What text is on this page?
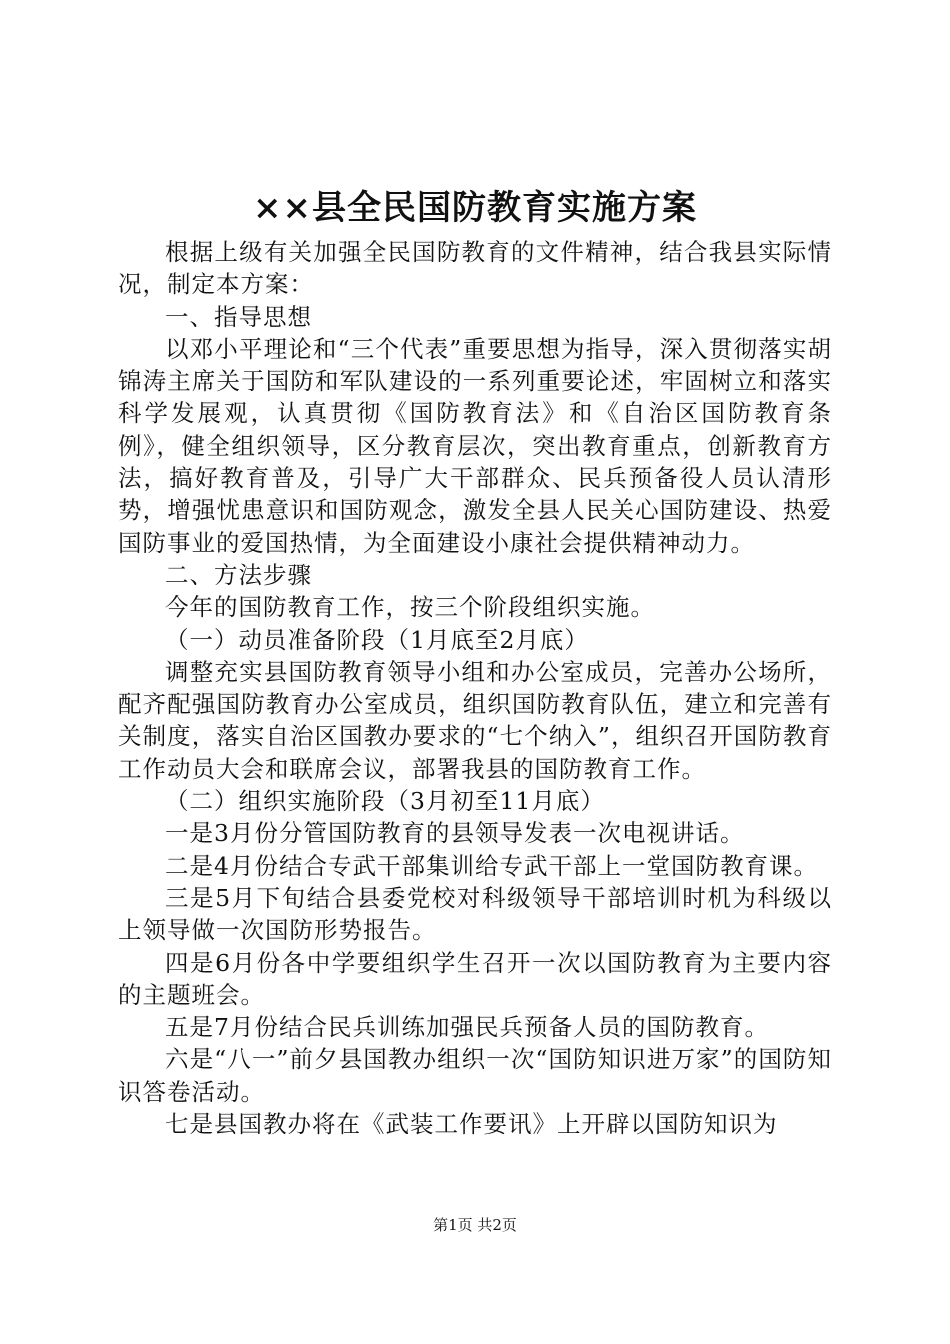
××县全民国防教育实施方案

根据上级有关加强全民国防教育的文件精神，结合我县实际情况，制定本方案：

一、指导思想

以邓小平理论和“三个代表”重要思想为指导，深入贯彻落实胡锦涛主席关于国防和军队建设的一系列重要论述，牢固树立和落实科学发展观，认真贯彻《国防教育法》和《自治区国防教育条例》，健全组织领导，区分教育层次，突出教育重点，创新教育方法，搞好教育普及，引导广大干部群众、民兵预备役人员认清形势，增强忧患意识和国防观念，激发全县人民关心国防建设、热爱国防事业的爱国热情，为全面建设小康社会提供精神动力。

二、方法步骤

今年的国防教育工作，按三个阶段组织实施。

（一）动员准备阶段（1月底至2月底）

调整充实县国防教育领导小组和办公室成员，完善办公场所，配齐配强国防教育办公室成员，组织国防教育队伍，建立和完善有关制度，落实自治区国教办要求的“七个纳入”，组织召开国防教育工作动员大会和联席会议，部署我县的国防教育工作。

（二）组织实施阶段（3月初至11月底）

一是3月份分管国防教育的县领导发表一次电视讲话。

二是4月份结合专武干部集训给专武干部上一堂国防教育课。

三是5月下旬结合县委党校对科级领导干部培训时机为科级以上领导做一次国防形势报告。

四是6月份各中学要组织学生召开一次以国防教育为主要内容的主题班会。

五是7月份结合民兵训练加强民兵预备人员的国防教育。

六是“八一”前夕县国教办组织一次“国防知识进万家”的国防知识答卷活动。

七是县国教办将在《武装工作要讯》上开辟以国防知识为

第1页 共2页
